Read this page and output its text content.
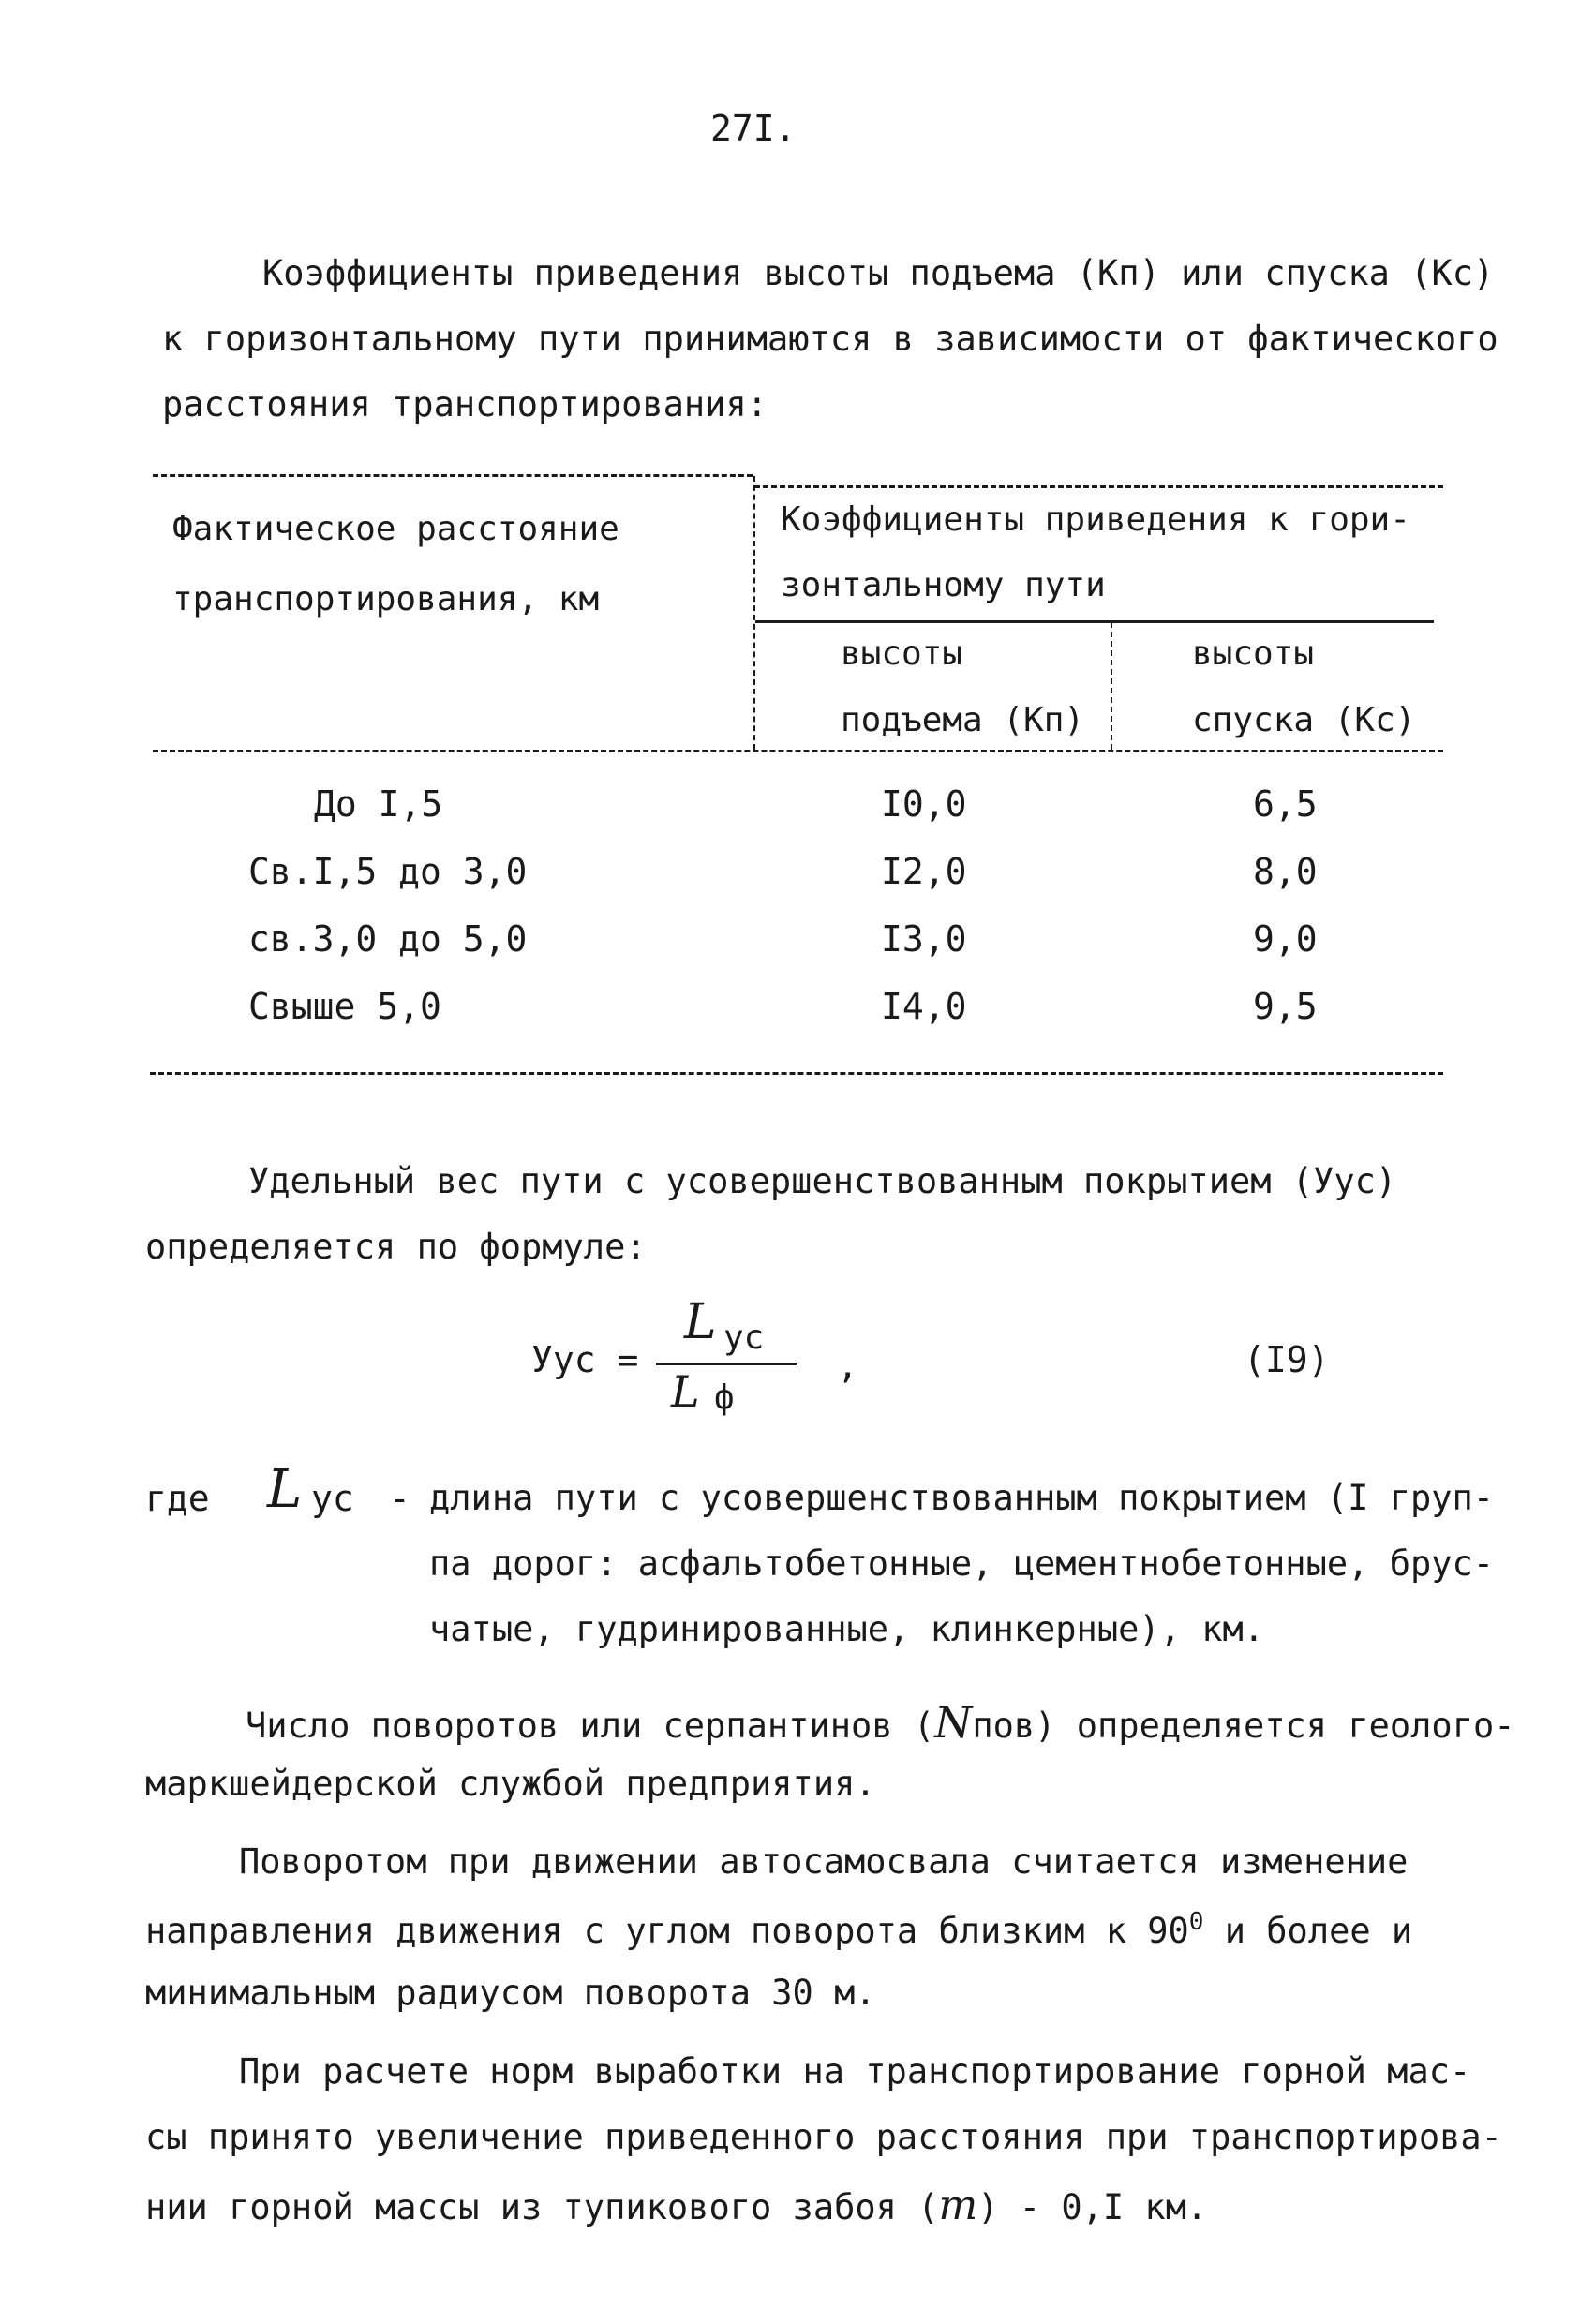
27I.
Коэффициенты приведения высоты подъема (Кп) или спуска (Кс)
к горизонтальному пути принимаются в зависимости от фактического
расстояния транспортирования:
Фактическое расстояние
транспортирования, км
Коэффициенты приведения к гори-
зонтальному пути
высоты
подъема (Кп)
высоты
спуска (Кс)
До I,5	I0,0	6,5
Св.I,5 до 3,0	I2,0	8,0
св.3,0 до 5,0	I3,0	9,0
Свыше 5,0	I4,0	9,5
Удельный вес пути с усовершенствованным покрытием (Уус)
определяется по формуле:
Уус =
L ус
L ф
,	(I9)
где L ус - длина пути с усовершенствованным покрытием (I груп-
па дорог: асфальтобетонные, цементнобетонные, брус-
чатые, гудринированные, клинкерные), км.
Число поворотов или серпантинов (Nпов) определяется геолого-
маркшейдерской службой предприятия.
Поворотом при движении автосамосвала считается изменение
направления движения с углом поворота близким к $90^0$ и более и
минимальным радиусом поворота 30 м.
При расчете норм выработки на транспортирование горной мас-
сы принято увеличение приведенного расстояния при транспортирова-
нии горной массы из тупикового забоя (m) - 0,I км.
